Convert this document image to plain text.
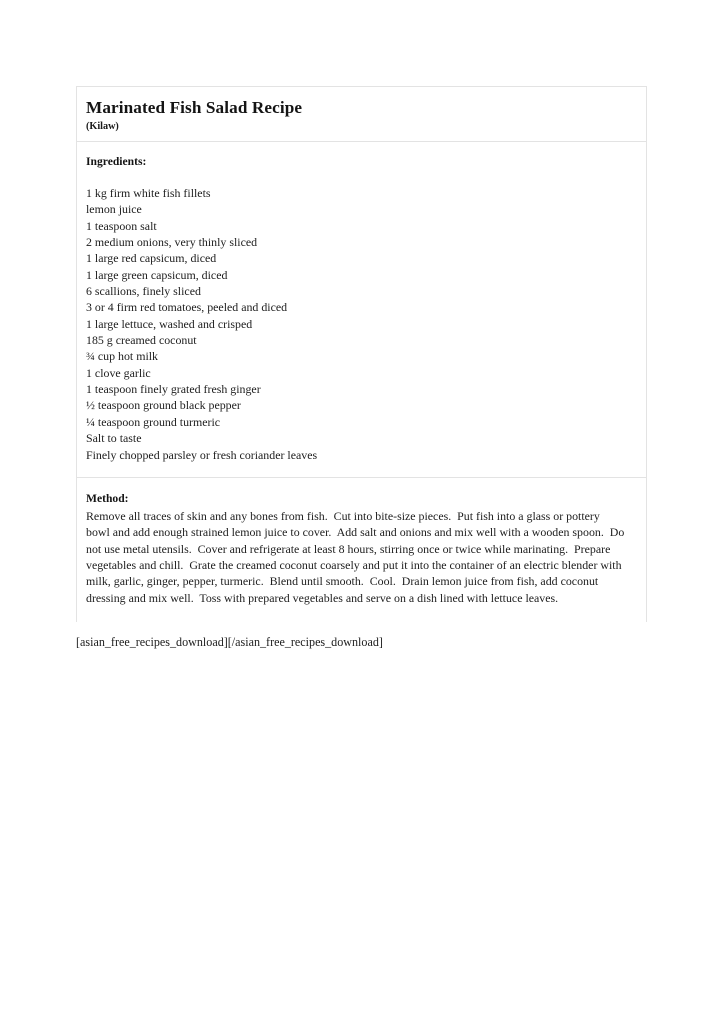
Marinated Fish Salad Recipe
(Kilaw)
Ingredients:
1 kg firm white fish fillets
lemon juice
1 teaspoon salt
2 medium onions, very thinly sliced
1 large red capsicum, diced
1 large green capsicum, diced
6 scallions, finely sliced
3 or 4 firm red tomatoes, peeled and diced
1 large lettuce, washed and crisped
185 g creamed coconut
¾ cup hot milk
1 clove garlic
1 teaspoon finely grated fresh ginger
½ teaspoon ground black pepper
¼ teaspoon ground turmeric
Salt to taste
Finely chopped parsley or fresh coriander leaves
Method:

Remove all traces of skin and any bones from fish.  Cut into bite-size pieces.  Put fish into a glass or pottery bowl and add enough strained lemon juice to cover.  Add salt and onions and mix well with a wooden spoon.  Do not use metal utensils.  Cover and refrigerate at least 8 hours, stirring once or twice while marinating.  Prepare vegetables and chill.  Grate the creamed coconut coarsely and put it into the container of an electric blender with milk, garlic, ginger, pepper, turmeric.  Blend until smooth.  Cool.  Drain lemon juice from fish, add coconut dressing and mix well.  Toss with prepared vegetables and serve on a dish lined with lettuce leaves.

[asian_free_recipes_download][/asian_free_recipes_download]
